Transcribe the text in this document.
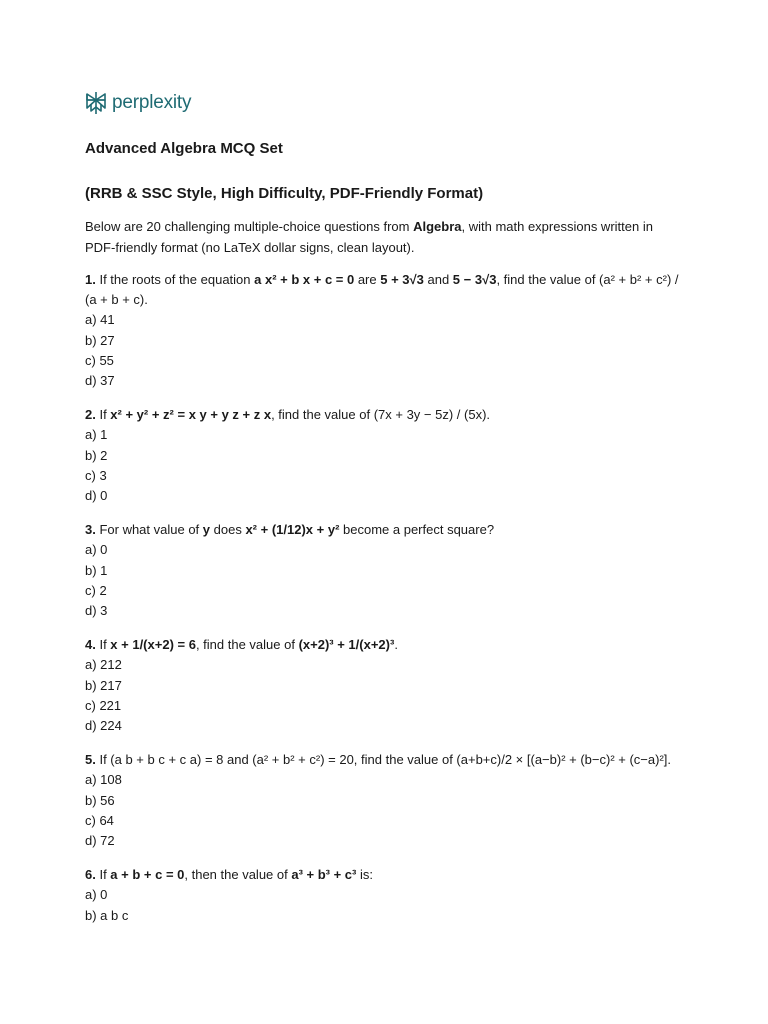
perplexity
Advanced Algebra MCQ Set
(RRB & SSC Style, High Difficulty, PDF-Friendly Format)

Below are 20 challenging multiple-choice questions from Algebra, with math expressions written in PDF-friendly format (no LaTeX dollar signs, clean layout).

1. If the roots of the equation a x² + b x + c = 0 are 5 + 3√3 and 5 − 3√3, find the value of (a² + b² + c²) / (a + b + c).

a) 41
b) 27
c) 55
d) 37

2. If x² + y² + z² = x y + y z + z x, find the value of (7x + 3y − 5z) / (5x).

a) 1
b) 2
c) 3
d) 0

3. For what value of y does x² + (1/12)x + y² become a perfect square?

a) 0
b) 1
c) 2
d) 3

4. If x + 1/(x+2) = 6, find the value of (x+2)³ + 1/(x+2)³.

a) 212
b) 217
c) 221
d) 224

5. If (a b + b c + c a) = 8 and (a² + b² + c²) = 20, find the value of (a+b+c)/2 × [(a−b)² + (b−c)² + (c−a)²].

a) 108
b) 56
c) 64
d) 72

6. If a + b + c = 0, then the value of a³ + b³ + c³ is:

a) 0
b) a b c
